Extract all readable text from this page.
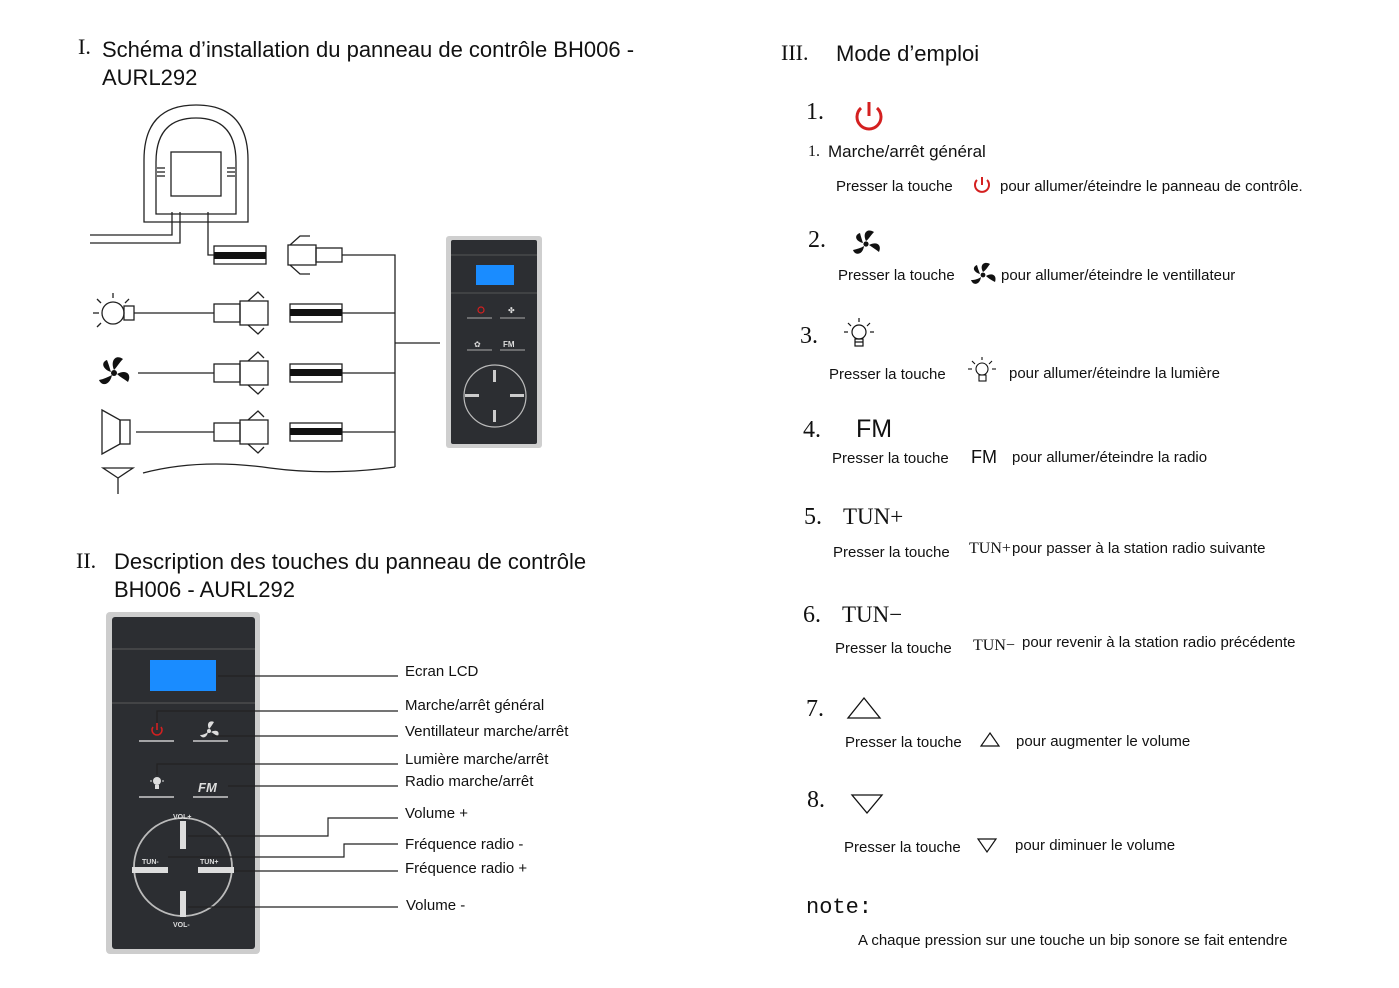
I. Schéma d’installation du panneau de contrôle BH006 -
AURL292
✤
✿	FM
FM
VOL+
VOL-
TUN-	TUN+
II. Description des touches du panneau de contrôle
BH006 - AURL292
Ecran LCD
Marche/arrêt général
Ventillateur marche/arrêt
Lumière marche/arrêt
Radio marche/arrêt
Volume +
Fréquence radio -
Fréquence radio +
Volume -
III. Mode d’emploi
1.
1. Marche/arrêt général
Presser la touche	pour allumer/éteindre le panneau de contrôle.
2.
Presser la touche	pour allumer/éteindre le ventillateur
3.
Presser la touche	pour allumer/éteindre la lumière
4. FM
Presser la touche FM pour allumer/éteindre la radio
5. TUN+
Presser la touche TUN+ pour passer à la station radio suivante
6. TUN−
Presser la touche TUN− pour revenir à la station radio précédente
7.
Presser la touche	pour augmenter le volume
8.
Presser la touche	pour diminuer le volume
note:
A chaque pression sur une touche un bip sonore se fait entendre
